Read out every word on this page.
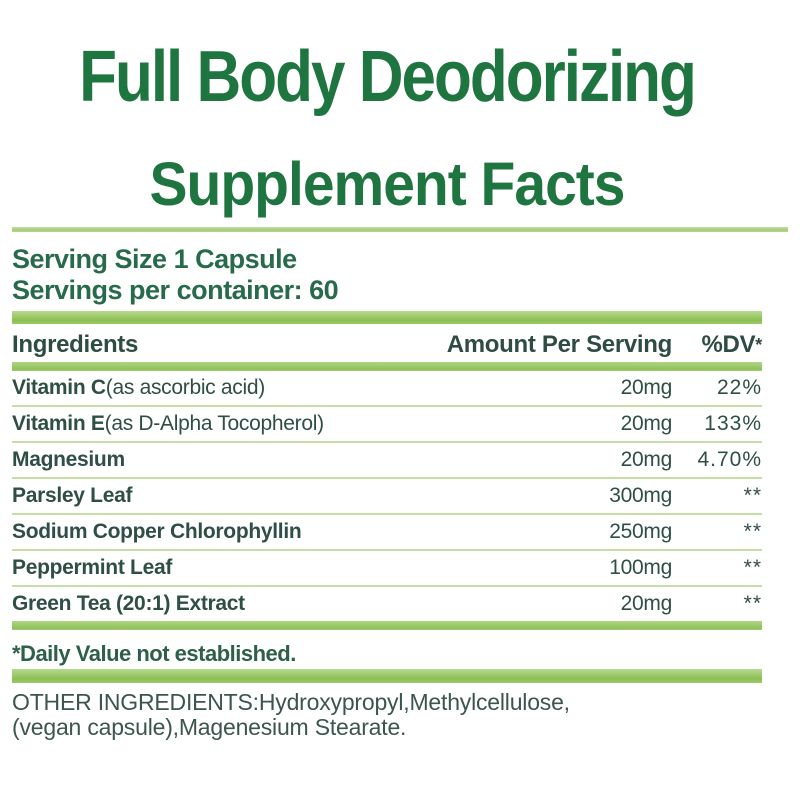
Full Body Deodorizing
Supplement Facts
Serving Size 1 Capsule
Servings per container: 60
Ingredients	Amount Per Serving	%DV*
Vitamin C(as ascorbic acid)	20mg	22%
Vitamin E(as D-Alpha Tocopherol)	20mg	133%
Magnesium	20mg	4.70%
Parsley Leaf	300mg	**
Sodium Copper Chlorophyllin	250mg	**
Peppermint Leaf	100mg	**
Green Tea (20:1) Extract	20mg	**
*Daily Value not established.
OTHER INGREDIENTS:Hydroxypropyl,Methylcellulose,
(vegan capsule),Magenesium Stearate.
